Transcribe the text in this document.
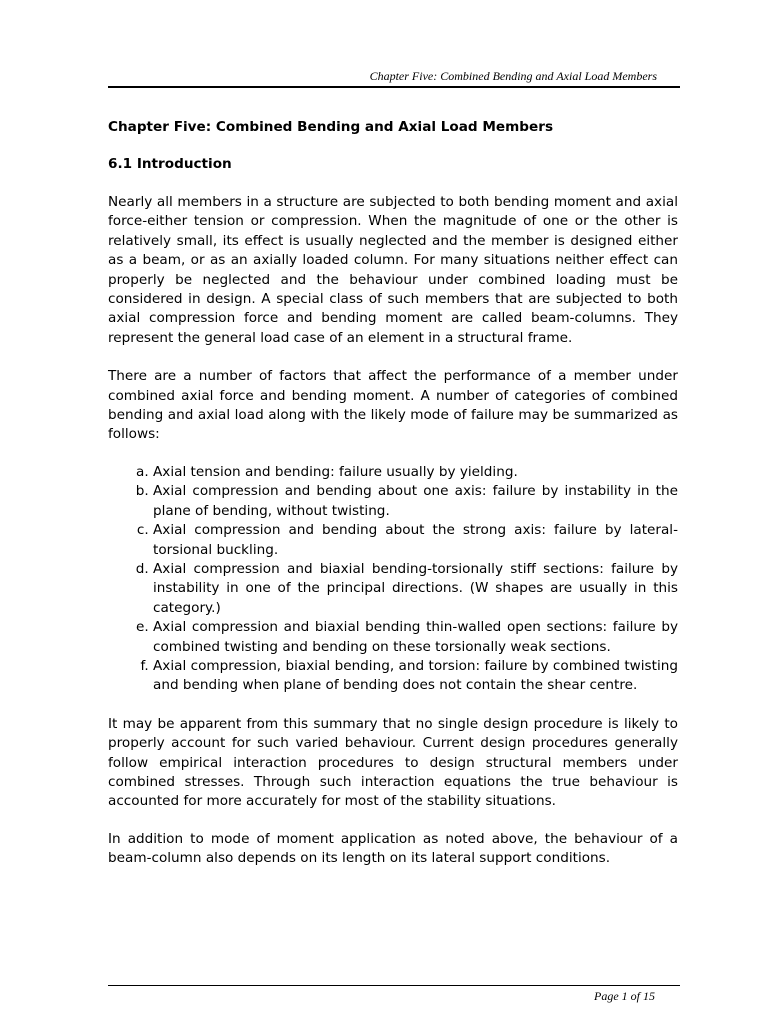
Chapter Five: Combined Bending and Axial Load Members
Chapter Five: Combined Bending and Axial Load Members
6.1 Introduction

Nearly all members in a structure are subjected to both bending moment and axial force-either tension or compression. When the magnitude of one or the other is relatively small, its effect is usually neglected and the member is designed either as a beam, or as an axially loaded column. For many situations neither effect can properly be neglected and the behaviour under combined loading must be considered in design. A special class of such members that are subjected to both axial compression force and bending moment are called beam-columns. They represent the general load case of an element in a structural frame.

There are a number of factors that affect the performance of a member under combined axial force and bending moment. A number of categories of combined bending and axial load along with the likely mode of failure may be summarized as follows:

a. Axial tension and bending: failure usually by yielding.
b. Axial compression and bending about one axis: failure by instability in the plane of bending, without twisting.
c. Axial compression and bending about the strong axis: failure by lateral-torsional buckling.
d. Axial compression and biaxial bending-torsionally stiff sections: failure by instability in one of the principal directions. (W shapes are usually in this category.)
e. Axial compression and biaxial bending thin-walled open sections: failure by combined twisting and bending on these torsionally weak sections.
f. Axial compression, biaxial bending, and torsion: failure by combined twisting and bending when plane of bending does not contain the shear centre.

It may be apparent from this summary that no single design procedure is likely to properly account for such varied behaviour. Current design procedures generally follow empirical interaction procedures to design structural members under combined stresses. Through such interaction equations the true behaviour is accounted for more accurately for most of the stability situations.

In addition to mode of moment application as noted above, the behaviour of a beam-column also depends on its length on its lateral support conditions.

Page 1 of 15
